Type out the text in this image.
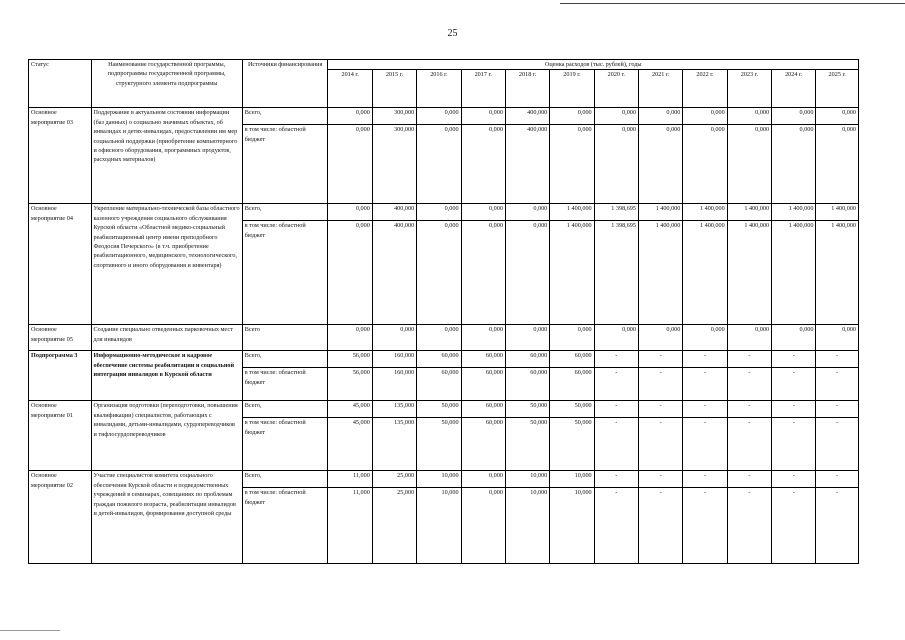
25
Статус	Наименование государственной программы, подпрограммы государственной программы, структурного элемента подпрограммы	Источники финансирования	Оценка расходов (тыс. рублей), годы											
			2014 г.	2015 г.	2016 г.	2017 г.	2018 г.	2019 г.	2020 г.	2021 г.	2022 г.	2023 г.	2024 г.	2025 г.
Основное мероприятие 03	Поддержание в актуальном состоянии информации (баз данных) о социально значимых объектах, об инвалидах и детях-инвалидах, предоставлении им мер социальной поддержки (приобретение компьютерного и офисного оборудования, программных продуктов, расходных материалов)	Всего,	0,000	300,000	0,000	0,000	400,000	0,000	0,000	0,000	0,000	0,000	0,000	0,000
		в том числе: областной бюджет	0,000	300,000	0,000	0,000	400,000	0,000	0,000	0,000	0,000	0,000	0,000	0,000
Основное мероприятие 04	Укрепление материально-технической базы областного казенного учреждения социального обслуживания Курской области «Областной медико-социальный реабилитационный центр имени преподобного Феодосия Печерского» (в т.ч. приобретение реабилитационного, медицинского, технологического, спортивного и иного оборудования и инвентаря)	Всего,	0,000	400,000	0,000	0,000	0,000	1 400,000	1 398,695	1 400,000	1 400,000	1 400,000	1 400,000	1 400,000
		в том числе: областной бюджет	0,000	400,000	0,000	0,000	0,000	1 400,000	1 398,695	1 400,000	1 400,000	1 400,000	1 400,000	1 400,000
Основное мероприятие 05	Создание специально отведенных парковочных мест для инвалидов	Всего	0,000	0,000	0,000	0,000	0,000	0,000	0,000	0,000	0,000	0,000	0,000	0,000
Подпрограмма 3	Информационно-методическое и кадровое обеспечение системы реабилитации и социальной интеграции инвалидов в Курской области	Всего,	56,000	160,000	60,000	60,000	60,000	60,000	-	-	-	-	-	-
		в том числе: областной бюджет	56,000	160,000	60,000	60,000	60,000	60,000	-	-	-	-	-	-
Основное мероприятие 01	Организация подготовки (переподготовки, повышения квалификации) специалистов, работающих с инвалидами, детьми-инвалидами, сурдопереводчиков и тифлосурдопереводчиков	Всего,	45,000	135,000	50,000	60,000	50,000	50,000	-	-	-	-	-	-
		в том числе: областной бюджет	45,000	135,000	50,000	60,000	50,000	50,000	-	-	-	-	-	-
Основное мероприятие 02	Участие специалистов комитета социального обеспечения Курской области и подведомственных учреждений в семинарах, совещаниях по проблемам граждан пожилого возраста, реабилитации инвалидов и детей-инвалидов, формирования доступной среды	Всего,	11,000	25,000	10,000	0,000	10,000	10,000	-	-	-	-	-	-
		в том числе: областной бюджет	11,000	25,000	10,000	0,000	10,000	10,000	-	-	-	-	-	-
